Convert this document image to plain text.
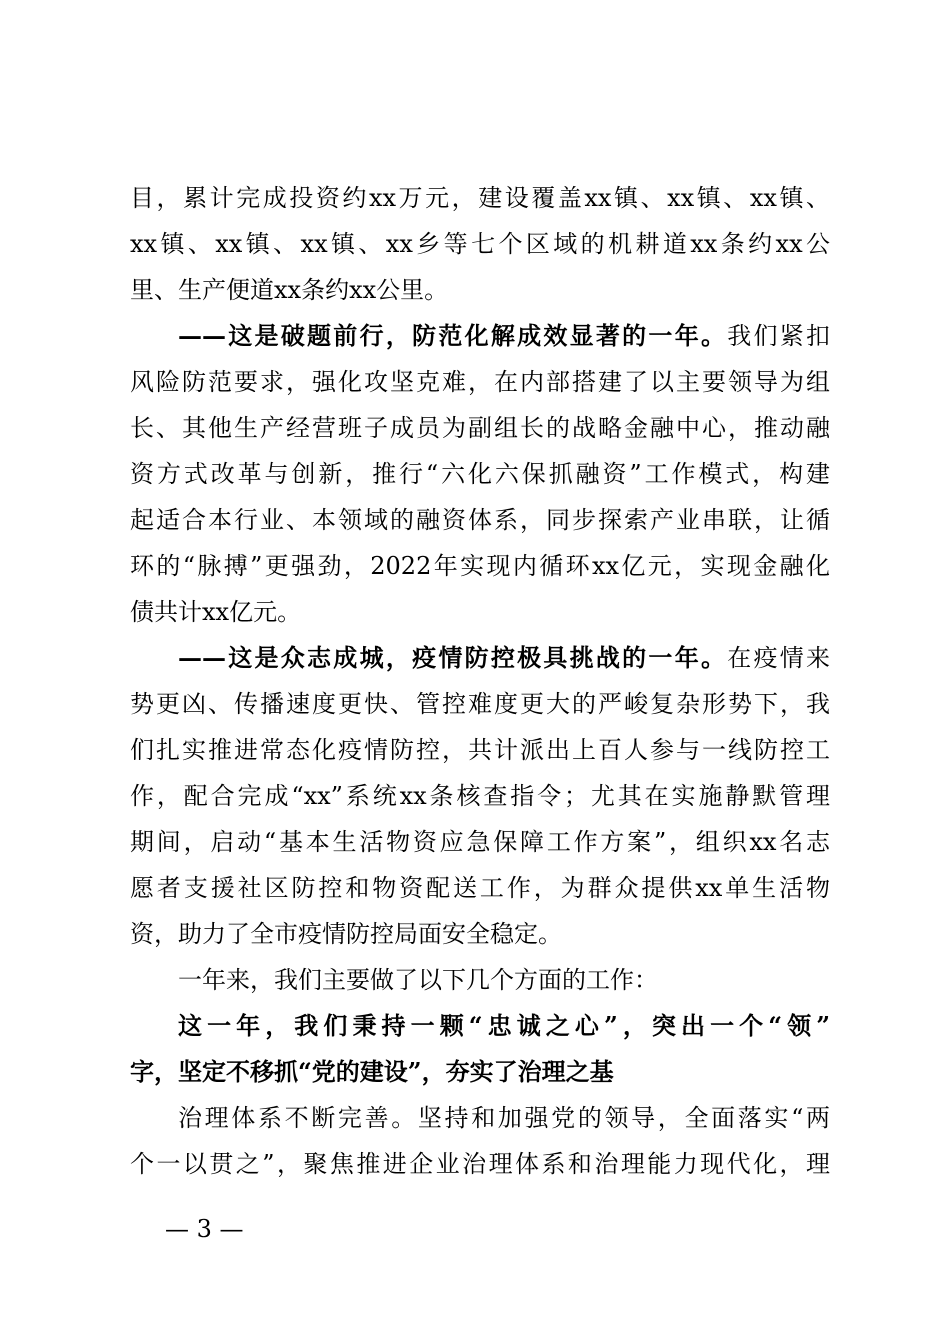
目，累计完成投资约xx万元，建设覆盖xx镇、xx镇、xx镇、
xx镇、xx镇、xx镇、xx乡等七个区域的机耕道xx条约xx公
里、生产便道xx条约xx公里。
——这是破题前行，防范化解成效显著的一年。我们紧扣
风险防范要求，强化攻坚克难，在内部搭建了以主要领导为组
长、其他生产经营班子成员为副组长的战略金融中心，推动融
资方式改革与创新，推行“六化六保抓融资”工作模式，构建
起适合本行业、本领域的融资体系，同步探索产业串联，让循
环的“脉搏”更强劲，2022年实现内循环xx亿元，实现金融化
债共计xx亿元。
——这是众志成城，疫情防控极具挑战的一年。在疫情来
势更凶、传播速度更快、管控难度更大的严峻复杂形势下，我
们扎实推进常态化疫情防控，共计派出上百人参与一线防控工
作，配合完成“xx”系统xx条核查指令；尤其在实施静默管理
期间，启动“基本生活物资应急保障工作方案”，组织xx名志
愿者支援社区防控和物资配送工作，为群众提供xx单生活物
资，助力了全市疫情防控局面安全稳定。
一年来，我们主要做了以下几个方面的工作：
这一年，我们秉持一颗“忠诚之心”，突出一个“领”
字，坚定不移抓“党的建设”，夯实了治理之基
治理体系不断完善。坚持和加强党的领导，全面落实“两
个一以贯之”，聚焦推进企业治理体系和治理能力现代化，理
— 3 —
